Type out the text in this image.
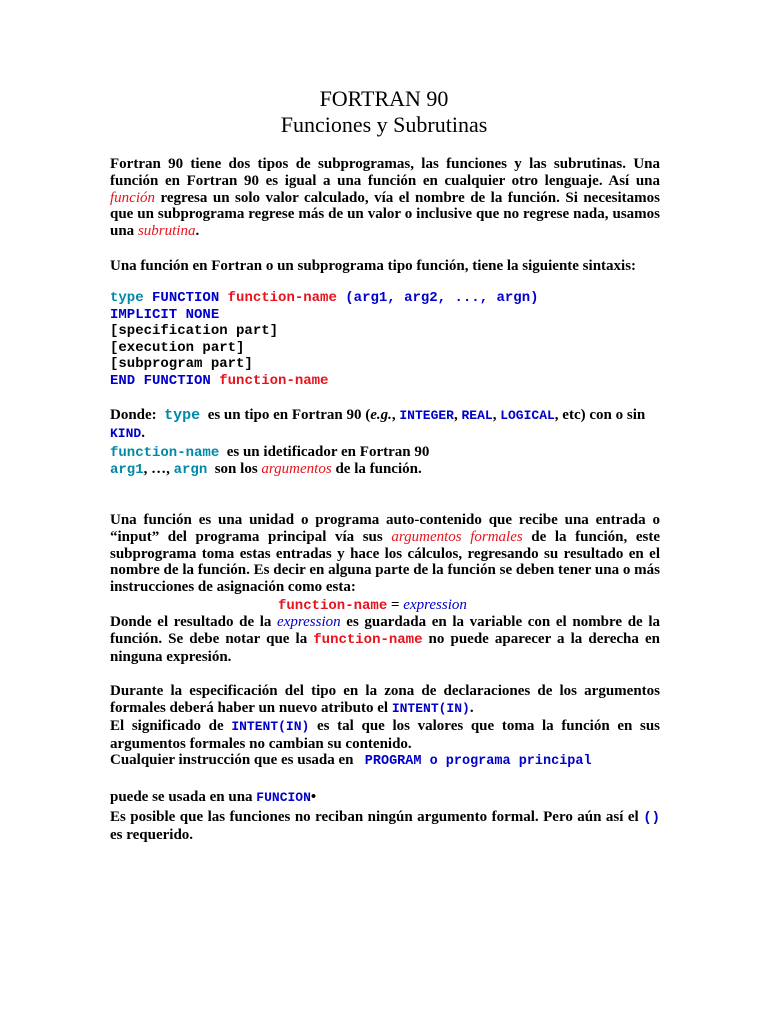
FORTRAN 90
Funciones y Subrutinas
Fortran 90 tiene dos tipos de subprogramas, las funciones y las subrutinas. Una función en Fortran 90 es igual a una función en cualquier otro lenguaje. Así una función regresa un solo valor calculado, vía el nombre de la función. Si necesitamos que un subprograma regrese más de un valor o inclusive que no regrese nada, usamos una subrutina.
Una función en Fortran o un subprograma tipo función, tiene la siguiente sintaxis:
type FUNCTION function-name (arg1, arg2, ..., argn)
IMPLICIT NONE
[specification part]
[execution part]
[subprogram part]
END FUNCTION function-name
Donde: type es un tipo en Fortran 90 (e.g., INTEGER, REAL, LOGICAL, etc) con o sin KIND.
function-name es un idetificador en Fortran 90
arg1, …, argn son los argumentos de la función.
Una función es una unidad o programa auto-contenido que recibe una entrada o “input” del programa principal vía sus argumentos formales de la función, este subprograma toma estas entradas y hace los cálculos, regresando su resultado en el nombre de la función. Es decir en alguna parte de la función se deben tener una o más instrucciones de asignación como esta:
function-name = expression
Donde el resultado de la expression es guardada en la variable con el nombre de la función. Se debe notar que la function-name no puede aparecer a la derecha en ninguna expresión.
Durante la especificación del tipo en la zona de declaraciones de los argumentos formales deberá haber un nuevo atributo el INTENT(IN).
El significado de INTENT(IN) es tal que los valores que toma la función en sus argumentos formales no cambian su contenido.
Cualquier instrucción que es usada en   PROGRAM o programa principal
puede se usada en una FUNCION•
Es posible que las funciones no reciban ningún argumento formal. Pero aún así el () es requerido.
